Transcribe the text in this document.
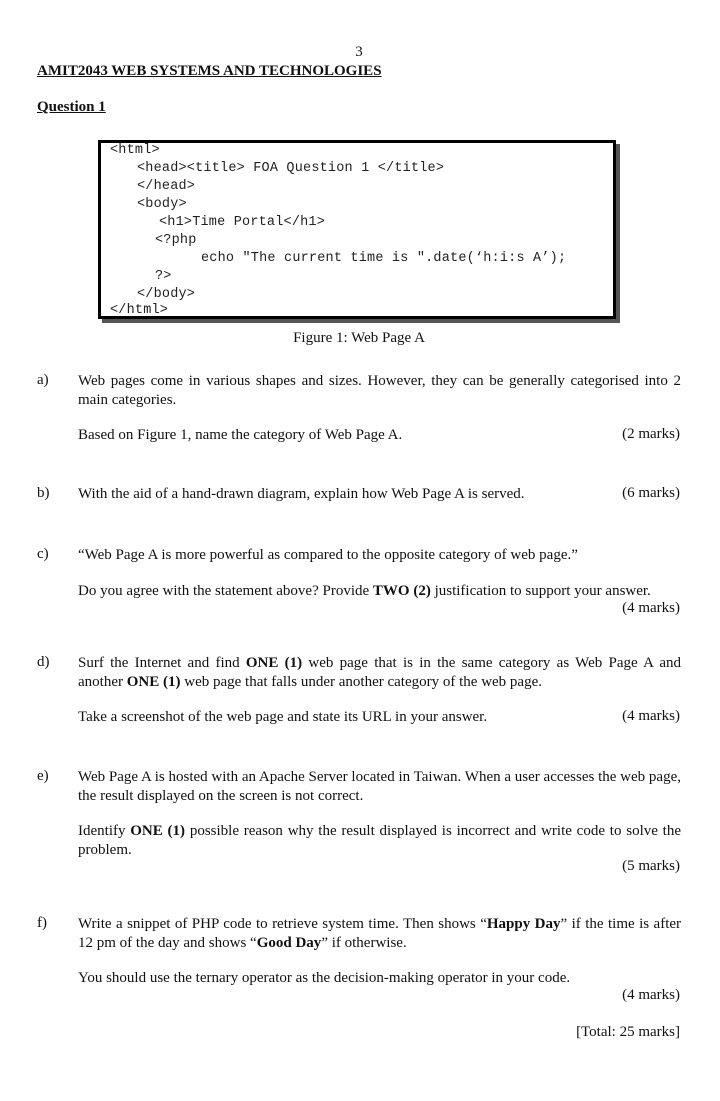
3
AMIT2043 WEB SYSTEMS AND TECHNOLOGIES
Question 1
<html>
<head><title> FOA Question 1 </title>
</head>
<body>
<h1>Time Portal</h1>
<?php
echo "The current time is ".date(‘h:i:s A’);
?>
</body>
</html>
Figure 1: Web Page A
a) Web pages come in various shapes and sizes. However, they can be generally categorised into 2 main categories.
Based on Figure 1, name the category of Web Page A.	(2 marks)
b) With the aid of a hand-drawn diagram, explain how Web Page A is served.	(6 marks)
c) “Web Page A is more powerful as compared to the opposite category of web page.”
Do you agree with the statement above? Provide TWO (2) justification to support your answer.
(4 marks)
d) Surf the Internet and find ONE (1) web page that is in the same category as Web Page A and another ONE (1) web page that falls under another category of the web page.
Take a screenshot of the web page and state its URL in your answer.	(4 marks)
e) Web Page A is hosted with an Apache Server located in Taiwan. When a user accesses the web page, the result displayed on the screen is not correct.
Identify ONE (1) possible reason why the result displayed is incorrect and write code to solve the problem.
(5 marks)
f) Write a snippet of PHP code to retrieve system time. Then shows “Happy Day” if the time is after 12 pm of the day and shows “Good Day” if otherwise.
You should use the ternary operator as the decision-making operator in your code.
(4 marks)
[Total: 25 marks]
